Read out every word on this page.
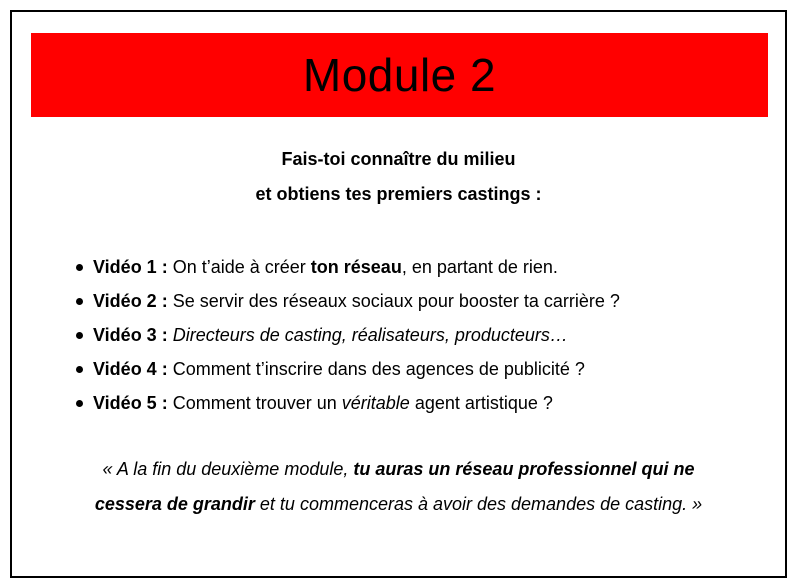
Module 2
Fais-toi connaître du milieu
et obtiens tes premiers castings :
Vidéo 1 : On t’aide à créer ton réseau, en partant de rien.
Vidéo 2 : Se servir des réseaux sociaux pour booster ta carrière ?
Vidéo 3 : Directeurs de casting, réalisateurs, producteurs…
Vidéo 4 : Comment t’inscrire dans des agences de publicité ?
Vidéo 5 : Comment trouver un véritable agent artistique ?
« A la fin du deuxième module, tu auras un réseau professionnel qui ne
cessera de grandir et tu commenceras à avoir des demandes de casting. »
